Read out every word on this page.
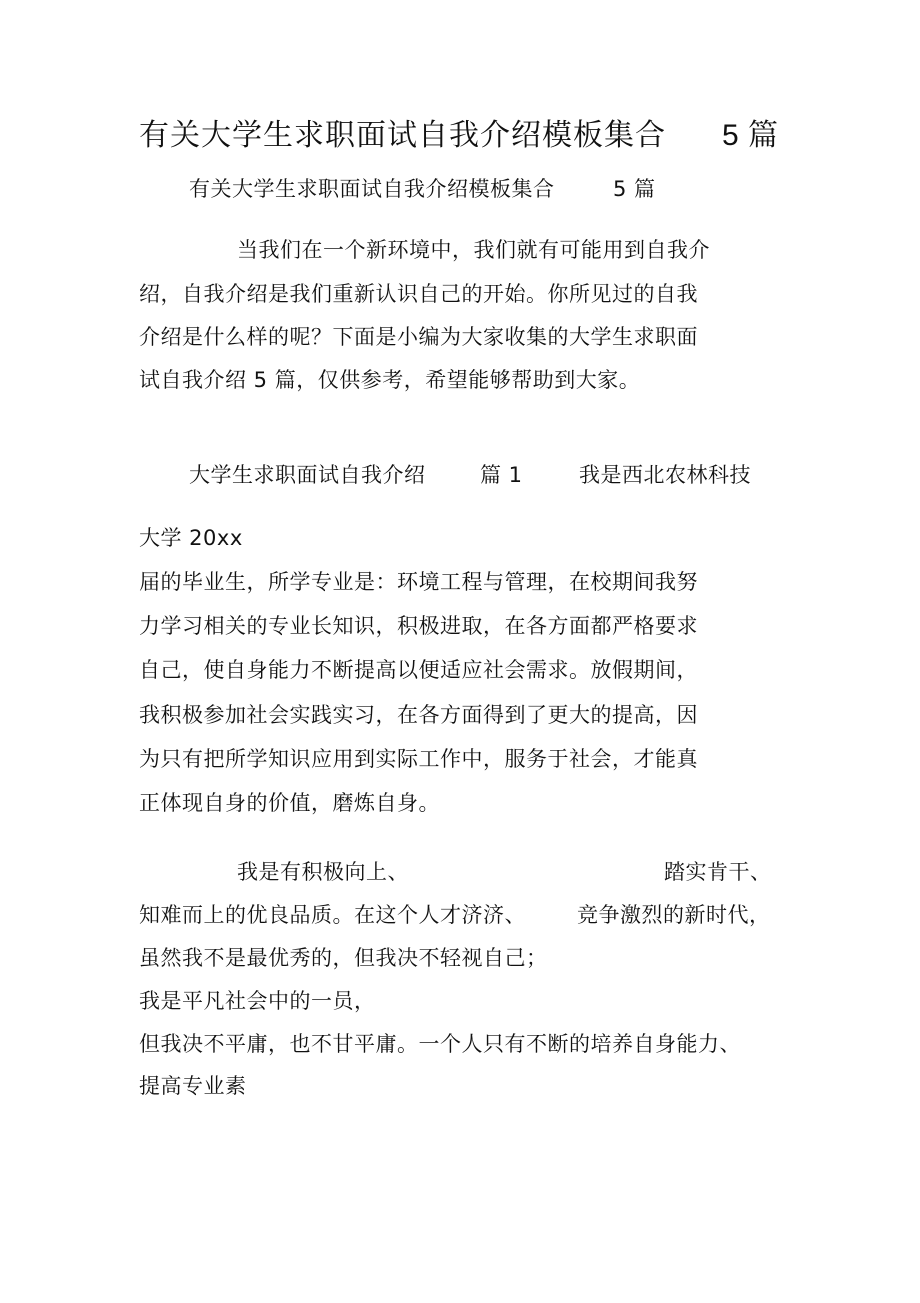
有关大学生求职面试自我介绍模板集合 5 篇
有关大学生求职面试自我介绍模板集合	5 篇
当我们在一个新环境中，我们就有可能用到自我介
绍，自我介绍是我们重新认识自己的开始。你所见过的自我
介绍是什么样的呢？下面是小编为大家收集的大学生求职面
试自我介绍 5 篇，仅供参考，希望能够帮助到大家。
大学生求职面试自我介绍	篇 1	我是西北农林科技
大学 20xx
届的毕业生，所学专业是：环境工程与管理，在校期间我努
力学习相关的专业长知识，积极进取，在各方面都严格要求
自己，使自身能力不断提高以便适应社会需求。放假期间，
我积极参加社会实践实习，在各方面得到了更大的提高，因
为只有把所学知识应用到实际工作中，服务于社会，才能真
正体现自身的价值，磨炼自身。
我是有积极向上、	踏实肯干、
知难而上的优良品质。在这个人才济济、 竞争激烈的新时代，
虽然我不是最优秀的，但我决不轻视自己；
我是平凡社会中的一员，
但我决不平庸，也不甘平庸。一个人只有不断的培养自身能力、
提高专业素
